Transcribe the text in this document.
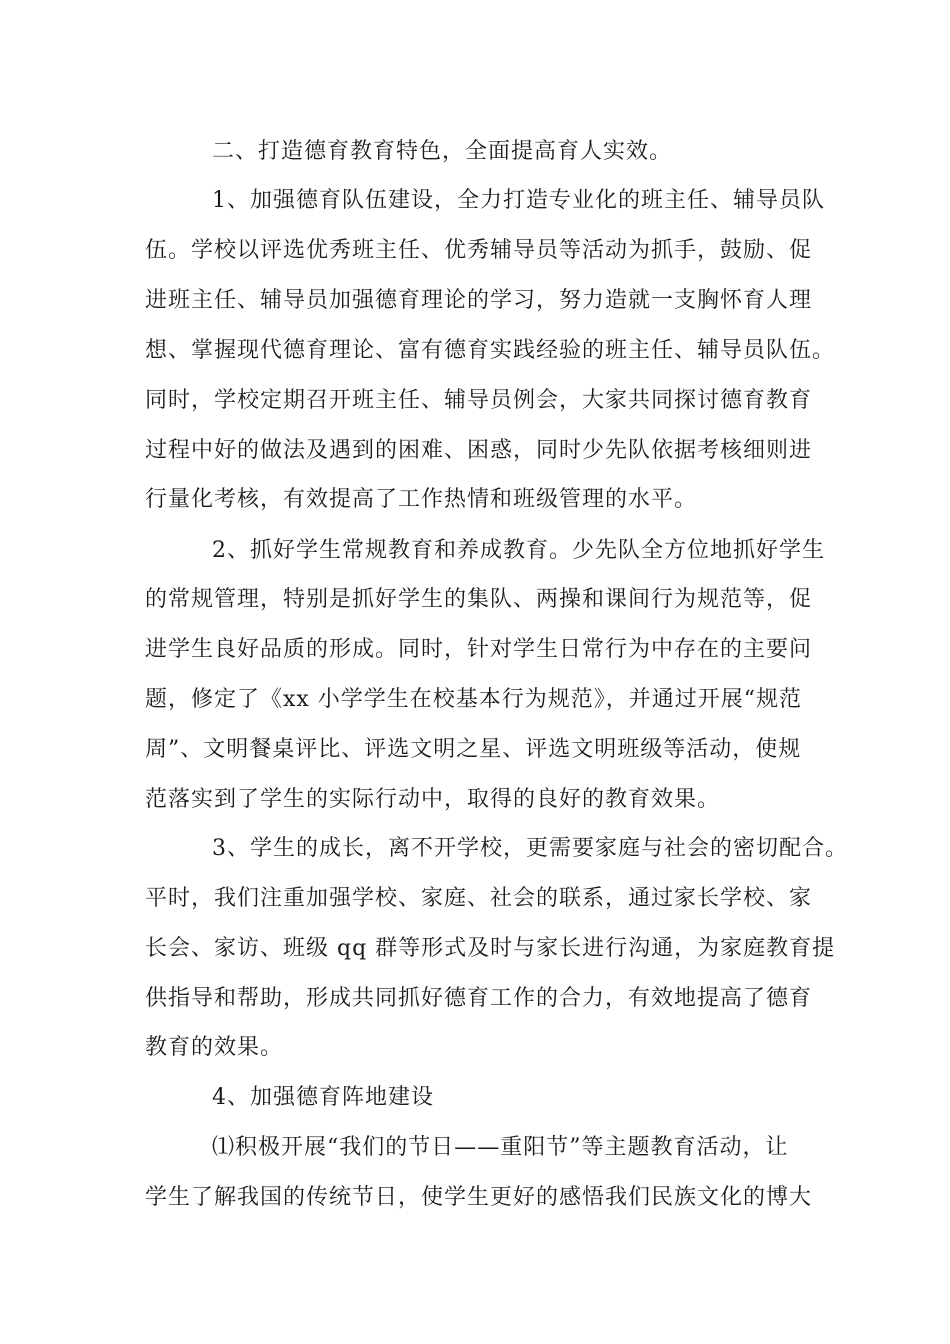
二、打造德育教育特色，全面提高育人实效。
1、加强德育队伍建设，全力打造专业化的班主任、辅导员队
伍。学校以评选优秀班主任、优秀辅导员等活动为抓手，鼓励、促
进班主任、辅导员加强德育理论的学习，努力造就一支胸怀育人理
想、掌握现代德育理论、富有德育实践经验的班主任、辅导员队伍。
同时，学校定期召开班主任、辅导员例会，大家共同探讨德育教育
过程中好的做法及遇到的困难、困惑，同时少先队依据考核细则进
行量化考核，有效提高了工作热情和班级管理的水平。
2、抓好学生常规教育和养成教育。少先队全方位地抓好学生
的常规管理，特别是抓好学生的集队、两操和课间行为规范等，促
进学生良好品质的形成。同时，针对学生日常行为中存在的主要问
题，修定了《xx 小学学生在校基本行为规范》，并通过开展“规范
周”、文明餐桌评比、评选文明之星、评选文明班级等活动，使规
范落实到了学生的实际行动中，取得的良好的教育效果。
3、学生的成长，离不开学校，更需要家庭与社会的密切配合。
平时，我们注重加强学校、家庭、社会的联系，通过家长学校、家
长会、家访、班级 qq 群等形式及时与家长进行沟通，为家庭教育提
供指导和帮助，形成共同抓好德育工作的合力，有效地提高了德育
教育的效果。
4、加强德育阵地建设
⑴积极开展“我们的节日——重阳节”等主题教育活动，让
学生了解我国的传统节日，使学生更好的感悟我们民族文化的博大
